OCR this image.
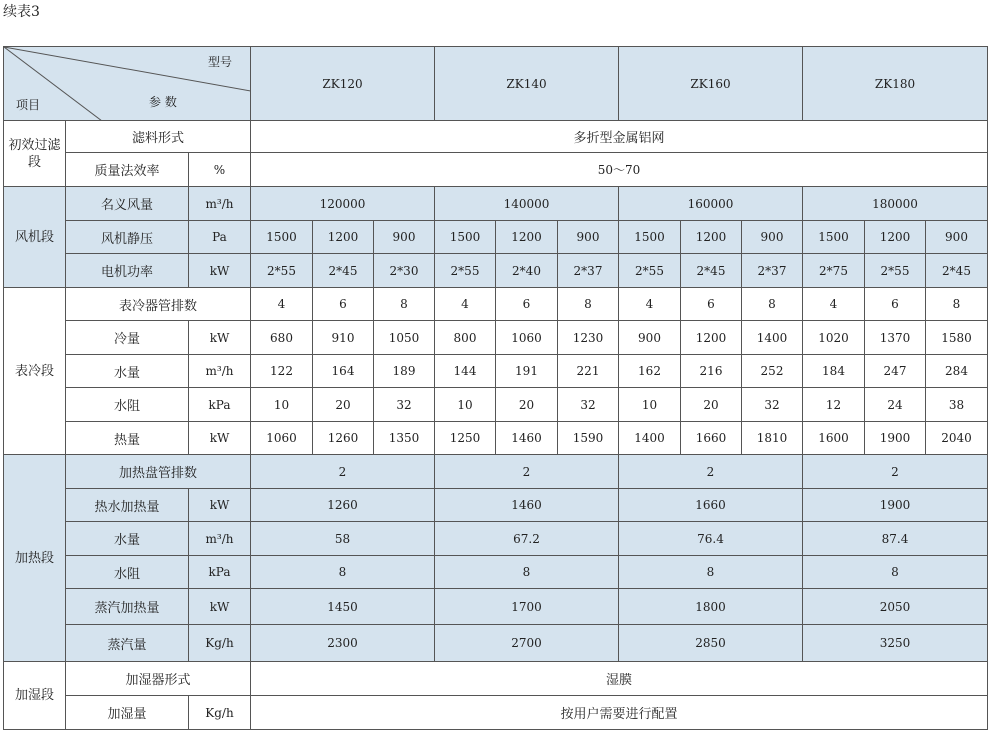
续表3
型号
参 数
项目			ZK120			ZK140			ZK160			ZK180		
初效过滤段	滤料形式		多折型金属铝网											
	质量法效率	%	50～70											
风机段	名义风量	m³/h	120000			140000			160000			180000		
	风机静压	Pa	1500	1200	900	1500	1200	900	1500	1200	900	1500	1200	900
	电机功率	kW	2*55	2*45	2*30	2*55	2*40	2*37	2*55	2*45	2*37	2*75	2*55	2*45
表冷段	表冷器管排数		4	6	8	4	6	8	4	6	8	4	6	8
	冷量	kW	680	910	1050	800	1060	1230	900	1200	1400	1020	1370	1580
	水量	m³/h	122	164	189	144	191	221	162	216	252	184	247	284
	水阻	kPa	10	20	32	10	20	32	10	20	32	12	24	38
	热量	kW	1060	1260	1350	1250	1460	1590	1400	1660	1810	1600	1900	2040
加热段	加热盘管排数		2			2			2			2		
	热水加热量	kW	1260			1460			1660			1900		
	水量	m³/h	58			67.2			76.4			87.4		
	水阻	kPa	8			8			8			8		
	蒸汽加热量	kW	1450			1700			1800			2050		
	蒸汽量	Kg/h	2300			2700			2850			3250		
加湿段	加湿器形式		湿膜											
	加湿量	Kg/h	按用户需要进行配置											
